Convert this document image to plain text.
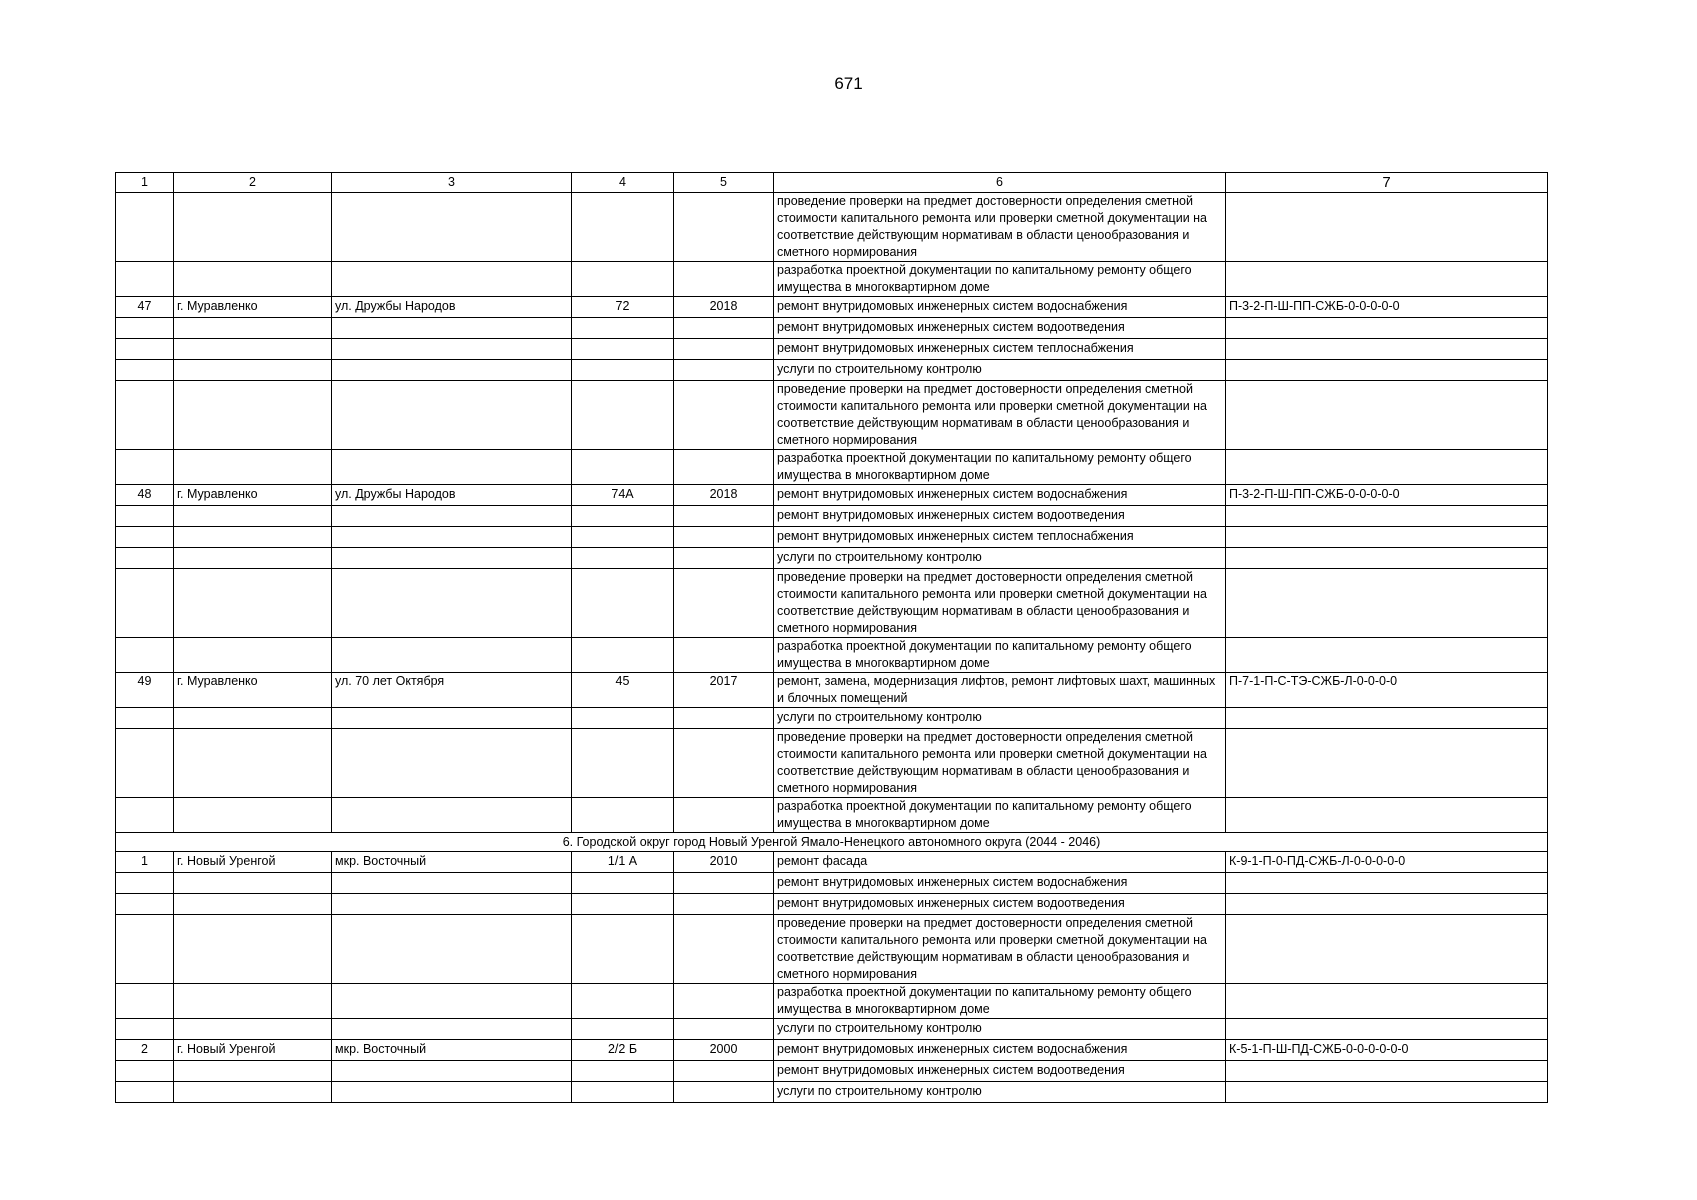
671
1	2	3	4	5	6	7
					проведение проверки на предмет достоверности определения сметной стоимости капитального ремонта или проверки сметной документации на соответствие действующим нормативам в области ценообразования и сметного нормирования	
					разработка проектной документации по капитальному ремонту общего имущества в многоквартирном доме	
47	г. Муравленко	ул. Дружбы Народов	72	2018	ремонт внутридомовых инженерных систем водоснабжения	П-3-2-П-Ш-ПП-СЖБ-0-0-0-0-0
					ремонт внутридомовых инженерных систем водоотведения	
					ремонт внутридомовых инженерных систем теплоснабжения	
					услуги по строительному контролю	
					проведение проверки на предмет достоверности определения сметной стоимости капитального ремонта или проверки сметной документации на соответствие действующим нормативам в области ценообразования и сметного нормирования	
					разработка проектной документации по капитальному ремонту общего имущества в многоквартирном доме	
48	г. Муравленко	ул. Дружбы Народов	74А	2018	ремонт внутридомовых инженерных систем водоснабжения	П-3-2-П-Ш-ПП-СЖБ-0-0-0-0-0
					ремонт внутридомовых инженерных систем водоотведения	
					ремонт внутридомовых инженерных систем теплоснабжения	
					услуги по строительному контролю	
					проведение проверки на предмет достоверности определения сметной стоимости капитального ремонта или проверки сметной документации на соответствие действующим нормативам в области ценообразования и сметного нормирования	
					разработка проектной документации по капитальному ремонту общего имущества в многоквартирном доме	
49	г. Муравленко	ул. 70 лет Октября	45	2017	ремонт, замена, модернизация лифтов, ремонт лифтовых шахт, машинных и блочных помещений	П-7-1-П-С-ТЭ-СЖБ-Л-0-0-0-0
					услуги по строительному контролю	
					проведение проверки на предмет достоверности определения сметной стоимости капитального ремонта или проверки сметной документации на соответствие действующим нормативам в области ценообразования и сметного нормирования	
					разработка проектной документации по капитальному ремонту общего имущества в многоквартирном доме	
6. Городской округ город Новый Уренгой Ямало-Ненецкого автономного округа (2044 - 2046)						
1	г. Новый Уренгой	мкр. Восточный	1/1 А	2010	ремонт фасада	К-9-1-П-0-ПД-СЖБ-Л-0-0-0-0-0
					ремонт внутридомовых инженерных систем водоснабжения	
					ремонт внутридомовых инженерных систем водоотведения	
					проведение проверки на предмет достоверности определения сметной стоимости капитального ремонта или проверки сметной документации на соответствие действующим нормативам в области ценообразования и сметного нормирования	
					разработка проектной документации по капитальному ремонту общего имущества в многоквартирном доме	
					услуги по строительному контролю	
2	г. Новый Уренгой	мкр. Восточный	2/2 Б	2000	ремонт внутридомовых инженерных систем водоснабжения	К-5-1-П-Ш-ПД-СЖБ-0-0-0-0-0-0
					ремонт внутридомовых инженерных систем водоотведения	
					услуги по строительному контролю	
